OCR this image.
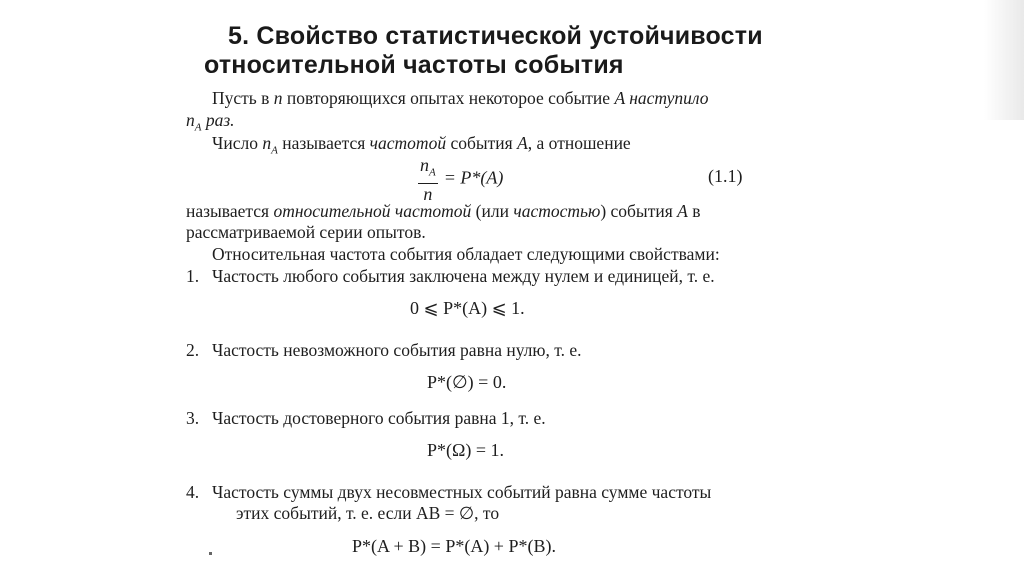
5. Свойство статистической устойчивости
относительной частоты события
Пусть в n повторяющихся опытах некоторое событие A наступило
$n_A$ раз.
Число $n_A$ называется частотой события A, а отношение
$\frac{n_A}{n} = P*(A)$	(1.1)
называется относительной частотой (или частостью) события A в
рассматриваемой серии опытов.
Относительная частота события обладает следующими свойствами:
1. Частость любого события заключена между нулем и единицей, т. е.
0 ⩽ P*(A) ⩽ 1.
2. Частость невозможного события равна нулю, т. е.
P*(∅) = 0.
3. Частость достоверного события равна 1, т. е.
P*(Ω) = 1.
4. Частость суммы двух несовместных событий равна сумме частоты
этих событий, т. е. если AB = ∅, то
P*(A + B) = P*(A) + P*(B).
